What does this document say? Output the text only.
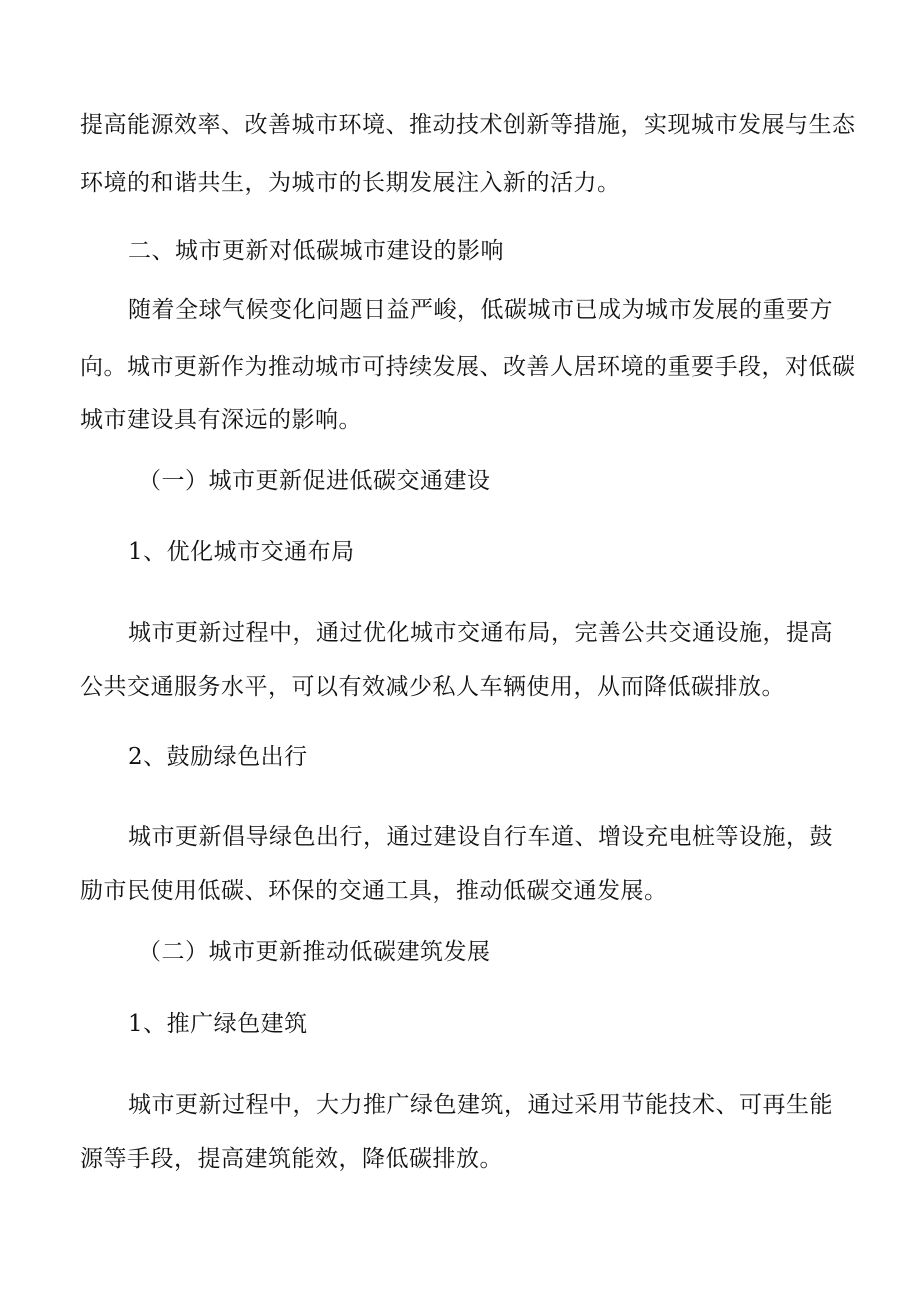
提高能源效率、改善城市环境、推动技术创新等措施，实现城市发展与生态
环境的和谐共生，为城市的长期发展注入新的活力。
二、城市更新对低碳城市建设的影响
随着全球气候变化问题日益严峻，低碳城市已成为城市发展的重要方
向。城市更新作为推动城市可持续发展、改善人居环境的重要手段，对低碳
城市建设具有深远的影响。
（一）城市更新促进低碳交通建设
1、优化城市交通布局
城市更新过程中，通过优化城市交通布局，完善公共交通设施，提高
公共交通服务水平，可以有效减少私人车辆使用，从而降低碳排放。
2、鼓励绿色出行
城市更新倡导绿色出行，通过建设自行车道、增设充电桩等设施，鼓
励市民使用低碳、环保的交通工具，推动低碳交通发展。
（二）城市更新推动低碳建筑发展
1、推广绿色建筑
城市更新过程中，大力推广绿色建筑，通过采用节能技术、可再生能
源等手段，提高建筑能效，降低碳排放。
